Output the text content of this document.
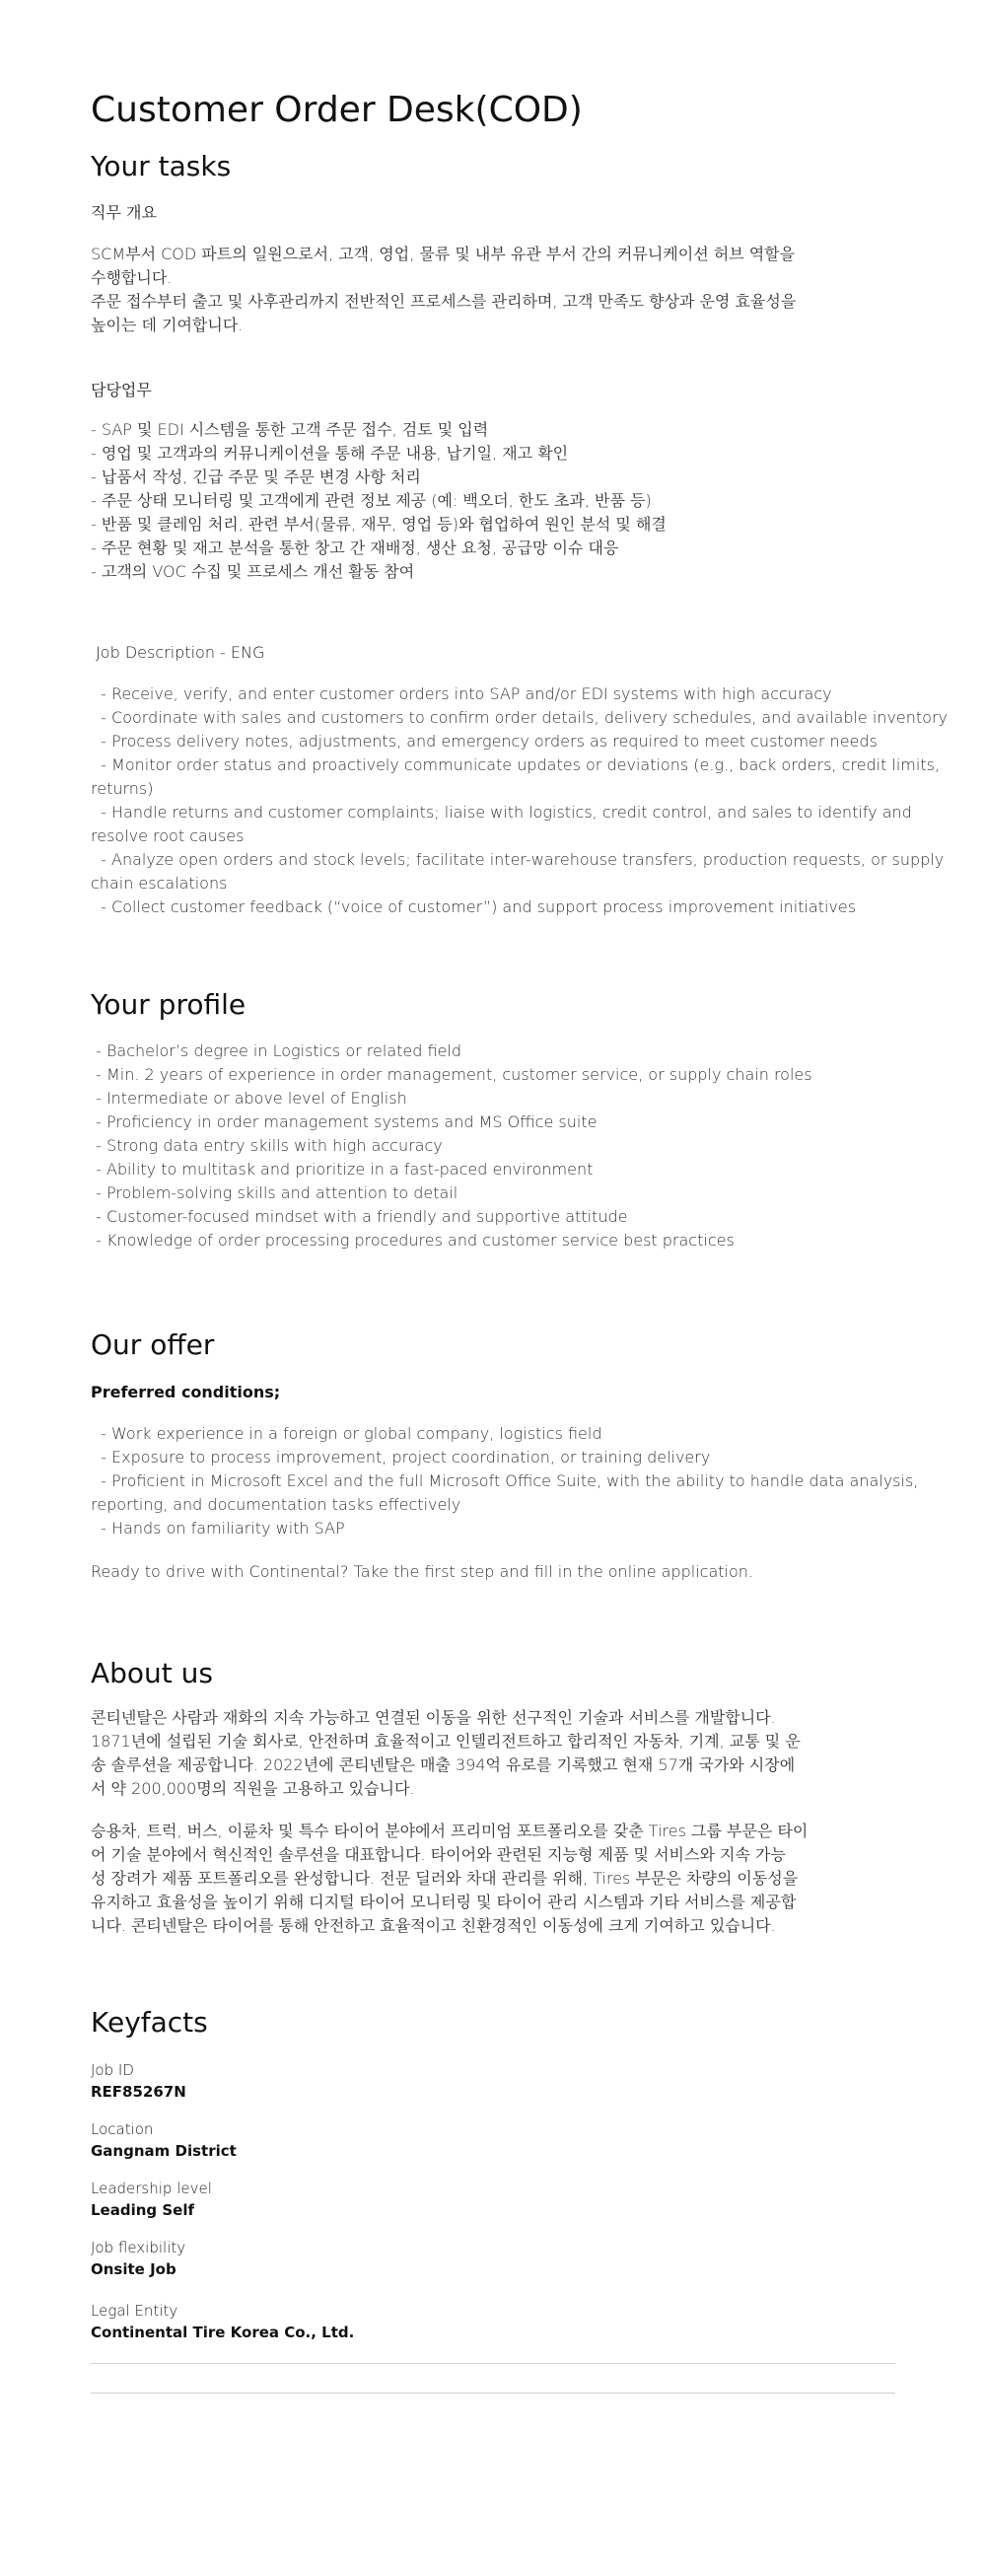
Customer Order Desk(COD)
Your tasks
직무 개요
SCM부서 COD 파트의 일원으로서, 고객, 영업, 물류 및 내부 유관 부서 간의 커뮤니케이션 허브 역할을
수행합니다.
주문 접수부터 출고 및 사후관리까지 전반적인 프로세스를 관리하며, 고객 만족도 향상과 운영 효율성을
높이는 데 기여합니다.
담당업무
- SAP 및 EDI 시스템을 통한 고객 주문 접수, 검토 및 입력
- 영업 및 고객과의 커뮤니케이션을 통해 주문 내용, 납기일, 재고 확인
- 납품서 작성, 긴급 주문 및 주문 변경 사항 처리
- 주문 상태 모니터링 및 고객에게 관련 정보 제공 (예: 백오더, 한도 초과, 반품 등)
- 반품 및 클레임 처리, 관련 부서(물류, 재무, 영업 등)와 협업하여 원인 분석 및 해결
- 주문 현황 및 재고 분석을 통한 창고 간 재배정, 생산 요청, 공급망 이슈 대응
- 고객의 VOC 수집 및 프로세스 개선 활동 참여
Job Description - ENG
- Receive, verify, and enter customer orders into SAP and/or EDI systems with high accuracy
- Coordinate with sales and customers to confirm order details, delivery schedules, and available inventory
- Process delivery notes, adjustments, and emergency orders as required to meet customer needs
- Monitor order status and proactively communicate updates or deviations (e.g., back orders, credit limits,
returns)
- Handle returns and customer complaints; liaise with logistics, credit control, and sales to identify and
resolve root causes
- Analyze open orders and stock levels; facilitate inter-warehouse transfers, production requests, or supply
chain escalations
- Collect customer feedback (“voice of customer”) and support process improvement initiatives
Your profile
- Bachelor’s degree in Logistics or related field
- Min. 2 years of experience in order management, customer service, or supply chain roles
- Intermediate or above level of English
- Proficiency in order management systems and MS Office suite
- Strong data entry skills with high accuracy
- Ability to multitask and prioritize in a fast-paced environment
- Problem-solving skills and attention to detail
- Customer-focused mindset with a friendly and supportive attitude
- Knowledge of order processing procedures and customer service best practices
Our offer
Preferred conditions;
- Work experience in a foreign or global company, logistics field
- Exposure to process improvement, project coordination, or training delivery
- Proficient in Microsoft Excel and the full Microsoft Office Suite, with the ability to handle data analysis,
reporting, and documentation tasks effectively
- Hands on familiarity with SAP
Ready to drive with Continental? Take the first step and fill in the online application.
About us
콘티넨탈은 사람과 재화의 지속 가능하고 연결된 이동을 위한 선구적인 기술과 서비스를 개발합니다.
1871년에 설립된 기술 회사로, 안전하며 효율적이고 인텔리전트하고 합리적인 자동차, 기계, 교통 및 운
송 솔루션을 제공합니다. 2022년에 콘티넨탈은 매출 394억 유로를 기록했고 현재 57개 국가와 시장에
서 약 200,000명의 직원을 고용하고 있습니다.
승용차, 트럭, 버스, 이륜차 및 특수 타이어 분야에서 프리미엄 포트폴리오를 갖춘 Tires 그룹 부문은 타이
어 기술 분야에서 혁신적인 솔루션을 대표합니다. 타이어와 관련된 지능형 제품 및 서비스와 지속 가능
성 장려가 제품 포트폴리오를 완성합니다. 전문 딜러와 차대 관리를 위해, Tires 부문은 차량의 이동성을
유지하고 효율성을 높이기 위해 디지털 타이어 모니터링 및 타이어 관리 시스템과 기타 서비스를 제공합
니다. 콘티넨탈은 타이어를 통해 안전하고 효율적이고 친환경적인 이동성에 크게 기여하고 있습니다.
Keyfacts
Job ID
REF85267N
Location
Gangnam District
Leadership level
Leading Self
Job flexibility
Onsite Job
Legal Entity
Continental Tire Korea Co., Ltd.
